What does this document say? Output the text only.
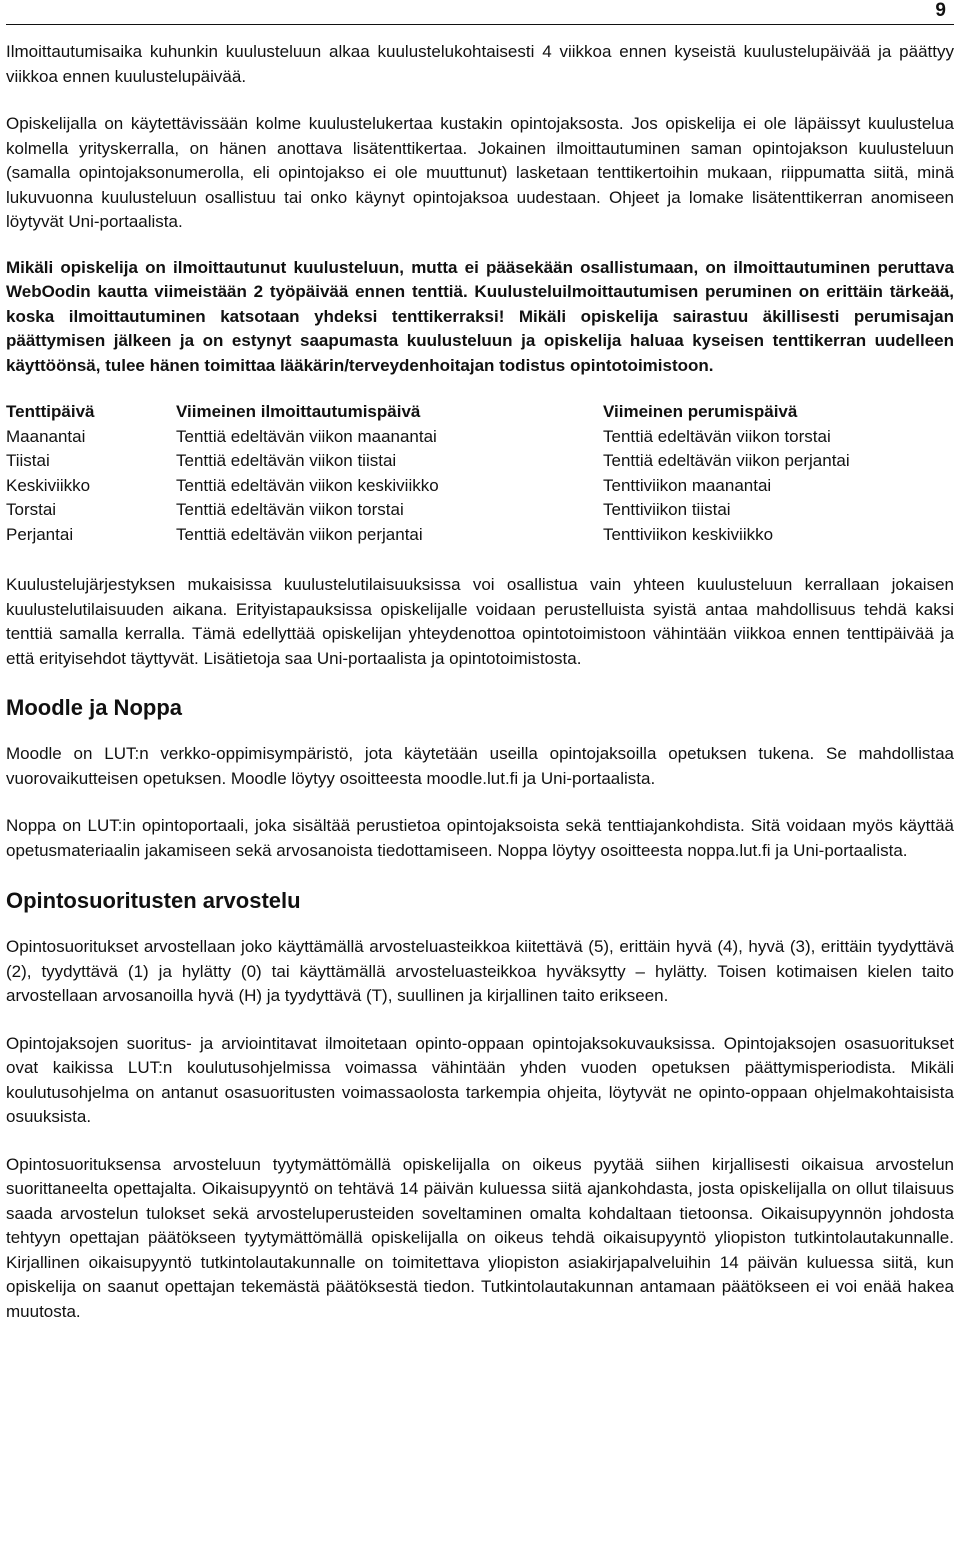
9

Ilmoittautumisaika kuhunkin kuulusteluun alkaa kuulustelukohtaisesti 4 viikkoa ennen kyseistä kuulustelupäivää ja päättyy viikkoa ennen kuulustelupäivää.

Opiskelijalla on käytettävissään kolme kuulustelukertaa kustakin opintojaksosta. Jos opiskelija ei ole läpäissyt kuulustelua kolmella yrityskerralla, on hänen anottava lisätenttikertaa. Jokainen ilmoittautuminen saman opintojakson kuulusteluun (samalla opintojaksonumerolla, eli opintojakso ei ole muuttunut) lasketaan tenttikertoihin mukaan, riippumatta siitä, minä lukuvuonna kuulusteluun osallistuu tai onko käynyt opintojaksoa uudestaan. Ohjeet ja lomake lisätenttikerran anomiseen löytyvät Uni-portaalista.

Mikäli opiskelija on ilmoittautunut kuulusteluun, mutta ei pääsekään osallistumaan, on ilmoittautuminen peruttava WebOodin kautta viimeistään 2 työpäivää ennen tenttiä. Kuulusteluilmoittautumisen peruminen on erittäin tärkeää, koska ilmoittautuminen katsotaan yhdeksi tenttikerraksi! Mikäli opiskelija sairastuu äkillisesti perumisajan päättymisen jälkeen ja on estynyt saapumasta kuulusteluun ja opiskelija haluaa kyseisen tenttikerran uudelleen käyttöönsä, tulee hänen toimittaa lääkärin/terveydenhoitajan todistus opintotoimistoon.

Tenttipäivä	Viimeinen ilmoittautumispäivä	Viimeinen perumispäivä
Maanantai	Tenttiä edeltävän viikon maanantai	Tenttiä edeltävän viikon torstai
Tiistai	Tenttiä edeltävän viikon tiistai	Tenttiä edeltävän viikon perjantai
Keskiviikko	Tenttiä edeltävän viikon keskiviikko	Tenttiviikon maanantai
Torstai	Tenttiä edeltävän viikon torstai	Tenttiviikon tiistai
Perjantai	Tenttiä edeltävän viikon perjantai	Tenttiviikon keskiviikko

Kuulustelujärjestyksen mukaisissa kuulustelutilaisuuksissa voi osallistua vain yhteen kuulusteluun kerrallaan jokaisen kuulustelutilaisuuden aikana. Erityistapauksissa opiskelijalle voidaan perustelluista syistä antaa mahdollisuus tehdä kaksi tenttiä samalla kerralla. Tämä edellyttää opiskelijan yhteydenottoa opintotoimistoon vähintään viikkoa ennen tenttipäivää ja että erityisehdot täyttyvät. Lisätietoja saa Uni-portaalista ja opintotoimistosta.

Moodle ja Noppa

Moodle on LUT:n verkko-oppimisympäristö, jota käytetään useilla opintojaksoilla opetuksen tukena. Se mahdollistaa vuorovaikutteisen opetuksen. Moodle löytyy osoitteesta moodle.lut.fi ja Uni-portaalista.

Noppa on LUT:in opintoportaali, joka sisältää perustietoa opintojaksoista sekä tenttiajankohdista. Sitä voidaan myös käyttää opetusmateriaalin jakamiseen sekä arvosanoista tiedottamiseen. Noppa löytyy osoitteesta noppa.lut.fi ja Uni-portaalista.

Opintosuoritusten arvostelu

Opintosuoritukset arvostellaan joko käyttämällä arvosteluasteikkoa kiitettävä (5), erittäin hyvä (4), hyvä (3), erittäin tyydyttävä (2), tyydyttävä (1) ja hylätty (0) tai käyttämällä arvosteluasteikkoa hyväksytty – hylätty. Toisen kotimaisen kielen taito arvostellaan arvosanoilla hyvä (H) ja tyydyttävä (T), suullinen ja kirjallinen taito erikseen.

Opintojaksojen suoritus- ja arviointitavat ilmoitetaan opinto-oppaan opintojaksokuvauksissa. Opintojaksojen osasuoritukset ovat kaikissa LUT:n koulutusohjelmissa voimassa vähintään yhden vuoden opetuksen päättymisperiodista. Mikäli koulutusohjelma on antanut osasuoritusten voimassaolosta tarkempia ohjeita, löytyvät ne opinto-oppaan ohjelmakohtaisista osuuksista.

Opintosuorituksensa arvosteluun tyytymättömällä opiskelijalla on oikeus pyytää siihen kirjallisesti oikaisua arvostelun suorittaneelta opettajalta. Oikaisupyyntö on tehtävä 14 päivän kuluessa siitä ajankohdasta, josta opiskelijalla on ollut tilaisuus saada arvostelun tulokset sekä arvosteluperusteiden soveltaminen omalta kohdaltaan tietoonsa. Oikaisupyynnön johdosta tehtyyn opettajan päätökseen tyytymättömällä opiskelijalla on oikeus tehdä oikaisupyyntö yliopiston tutkintolautakunnalle. Kirjallinen oikaisupyyntö tutkintolautakunnalle on toimitettava yliopiston asiakirjapalveluihin 14 päivän kuluessa siitä, kun opiskelija on saanut opettajan tekemästä päätöksestä tiedon. Tutkintolautakunnan antamaan päätökseen ei voi enää hakea muutosta.
